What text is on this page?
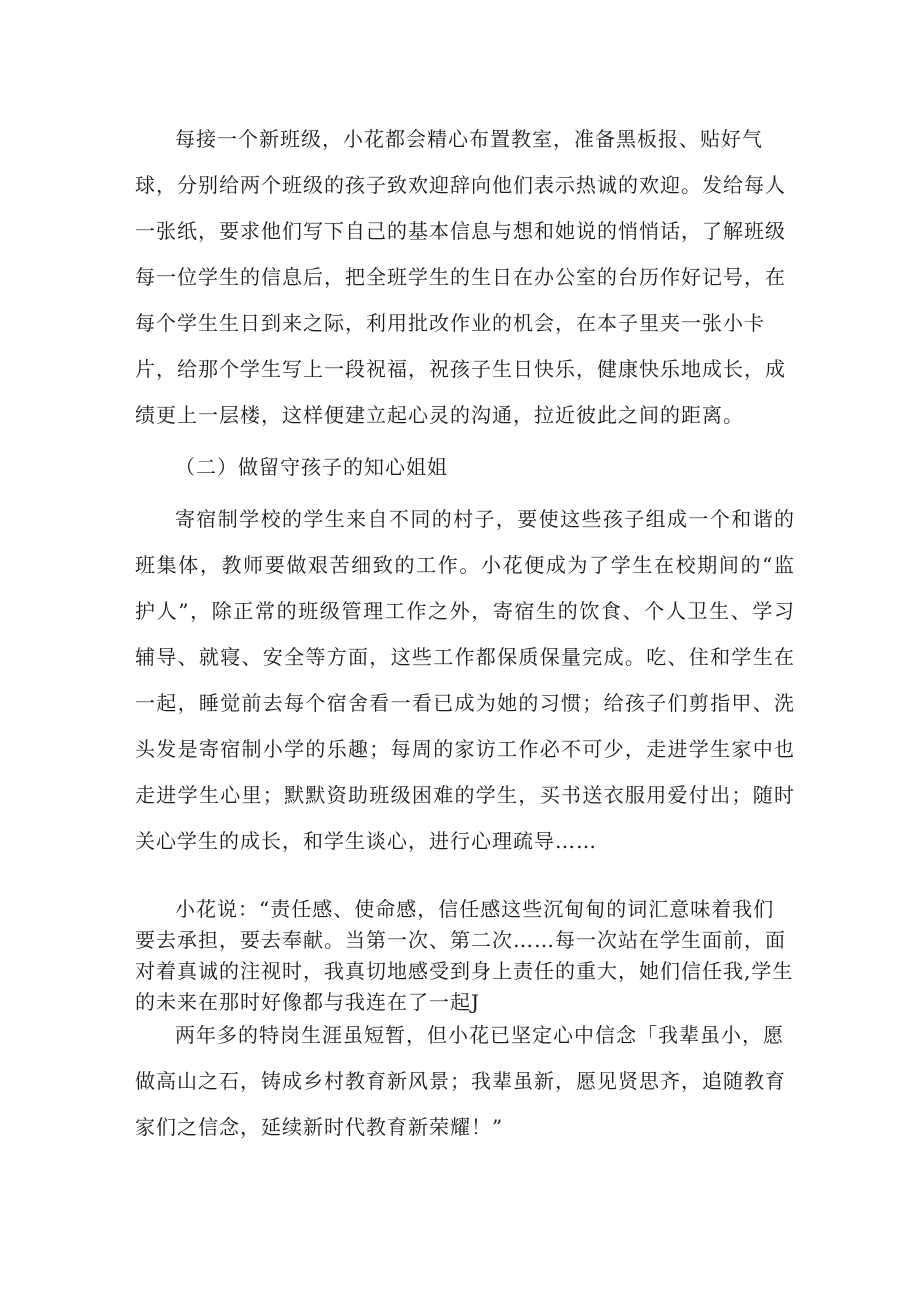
每接一个新班级，小花都会精心布置教室，准备黑板报、贴好气球，分别给两个班级的孩子致欢迎辞向他们表示热诚的欢迎。发给每人一张纸，要求他们写下自己的基本信息与想和她说的悄悄话，了解班级每一位学生的信息后，把全班学生的生日在办公室的台历作好记号，在每个学生生日到来之际，利用批改作业的机会，在本子里夹一张小卡片，给那个学生写上一段祝福，祝孩子生日快乐，健康快乐地成长，成绩更上一层楼，这样便建立起心灵的沟通，拉近彼此之间的距离。

（二）做留守孩子的知心姐姐

寄宿制学校的学生来自不同的村子，要使这些孩子组成一个和谐的班集体，教师要做艰苦细致的工作。小花便成为了学生在校期间的“监护人”，除正常的班级管理工作之外，寄宿生的饮食、个人卫生、学习辅导、就寝、安全等方面，这些工作都保质保量完成。吃、住和学生在一起，睡觉前去每个宿舍看一看已成为她的习惯；给孩子们剪指甲、洗头发是寄宿制小学的乐趣；每周的家访工作必不可少，走进学生家中也走进学生心里；默默资助班级困难的学生，买书送衣服用爱付出；随时关心学生的成长，和学生谈心，进行心理疏导……

小花说：“责任感、使命感，信任感这些沉甸甸的词汇意味着我们要去承担，要去奉献。当第一次、第二次……每一次站在学生面前，面对着真诚的注视时，我真切地感受到身上责任的重大，她们信任我,学生的未来在那时好像都与我连在了一起J

两年多的特岗生涯虽短暂，但小花已坚定心中信念「我辈虽小，愿做高山之石，铸成乡村教育新风景；我辈虽新，愿见贤思齐，追随教育家们之信念，延续新时代教育新荣耀！”
